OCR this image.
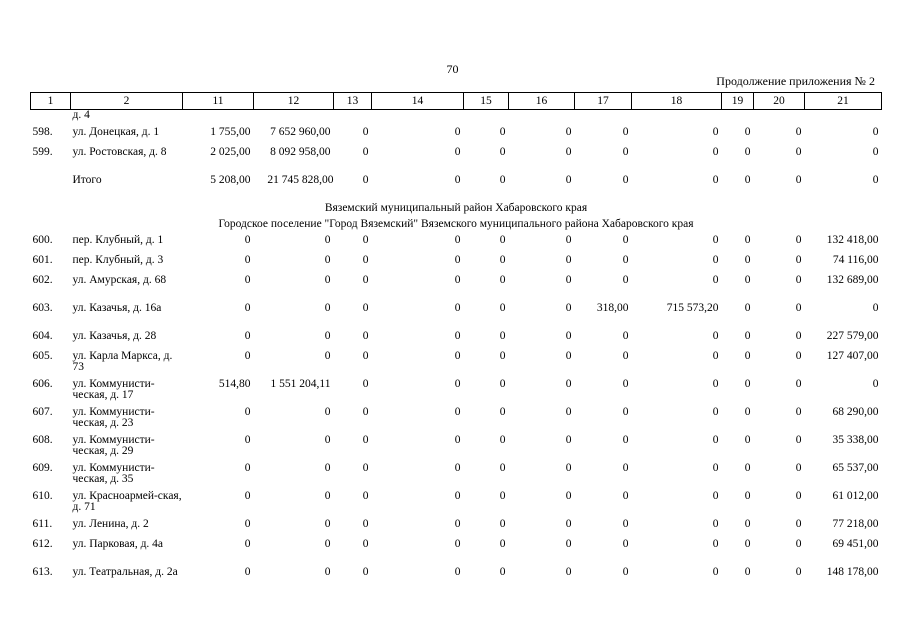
70
Продолжение приложения № 2
1	2	11	12	13	14	15	16	17	18	19	20	21
	д. 4											
598.	ул. Донецкая, д. 1	1 755,00	7 652 960,00	0	0	0	0	0	0	0	0	0
599.	ул. Ростовская, д. 8	2 025,00	8 092 958,00	0	0	0	0	0	0	0	0	0
	Итого	5 208,00	21 745 828,00	0	0	0	0	0	0	0	0	0
Вяземский муниципальный район Хабаровского края												
Городское поселение "Город Вяземский" Вяземского муниципального района Хабаровского края												
600.	пер. Клубный, д. 1	0	0	0	0	0	0	0	0	0	0	132 418,00
601.	пер. Клубный, д. 3	0	0	0	0	0	0	0	0	0	0	74 116,00
602.	ул. Амурская, д. 68	0	0	0	0	0	0	0	0	0	0	132 689,00
603.	ул. Казачья, д. 16а	0	0	0	0	0	0	318,00	715 573,20	0	0	0
604.	ул. Казачья, д. 28	0	0	0	0	0	0	0	0	0	0	227 579,00
605.	ул. Карла Маркса, д. 73	0	0	0	0	0	0	0	0	0	0	127 407,00
606.	ул. Коммунисти-ческая, д. 17	514,80	1 551 204,11	0	0	0	0	0	0	0	0	0
607.	ул. Коммунисти-ческая, д. 23	0	0	0	0	0	0	0	0	0	0	68 290,00
608.	ул. Коммунисти-ческая, д. 29	0	0	0	0	0	0	0	0	0	0	35 338,00
609.	ул. Коммунисти-ческая, д. 35	0	0	0	0	0	0	0	0	0	0	65 537,00
610.	ул. Красноармей-ская, д. 71	0	0	0	0	0	0	0	0	0	0	61 012,00
611.	ул. Ленина, д. 2	0	0	0	0	0	0	0	0	0	0	77 218,00
612.	ул. Парковая, д. 4а	0	0	0	0	0	0	0	0	0	0	69 451,00
613.	ул. Театральная, д. 2а	0	0	0	0	0	0	0	0	0	0	148 178,00
